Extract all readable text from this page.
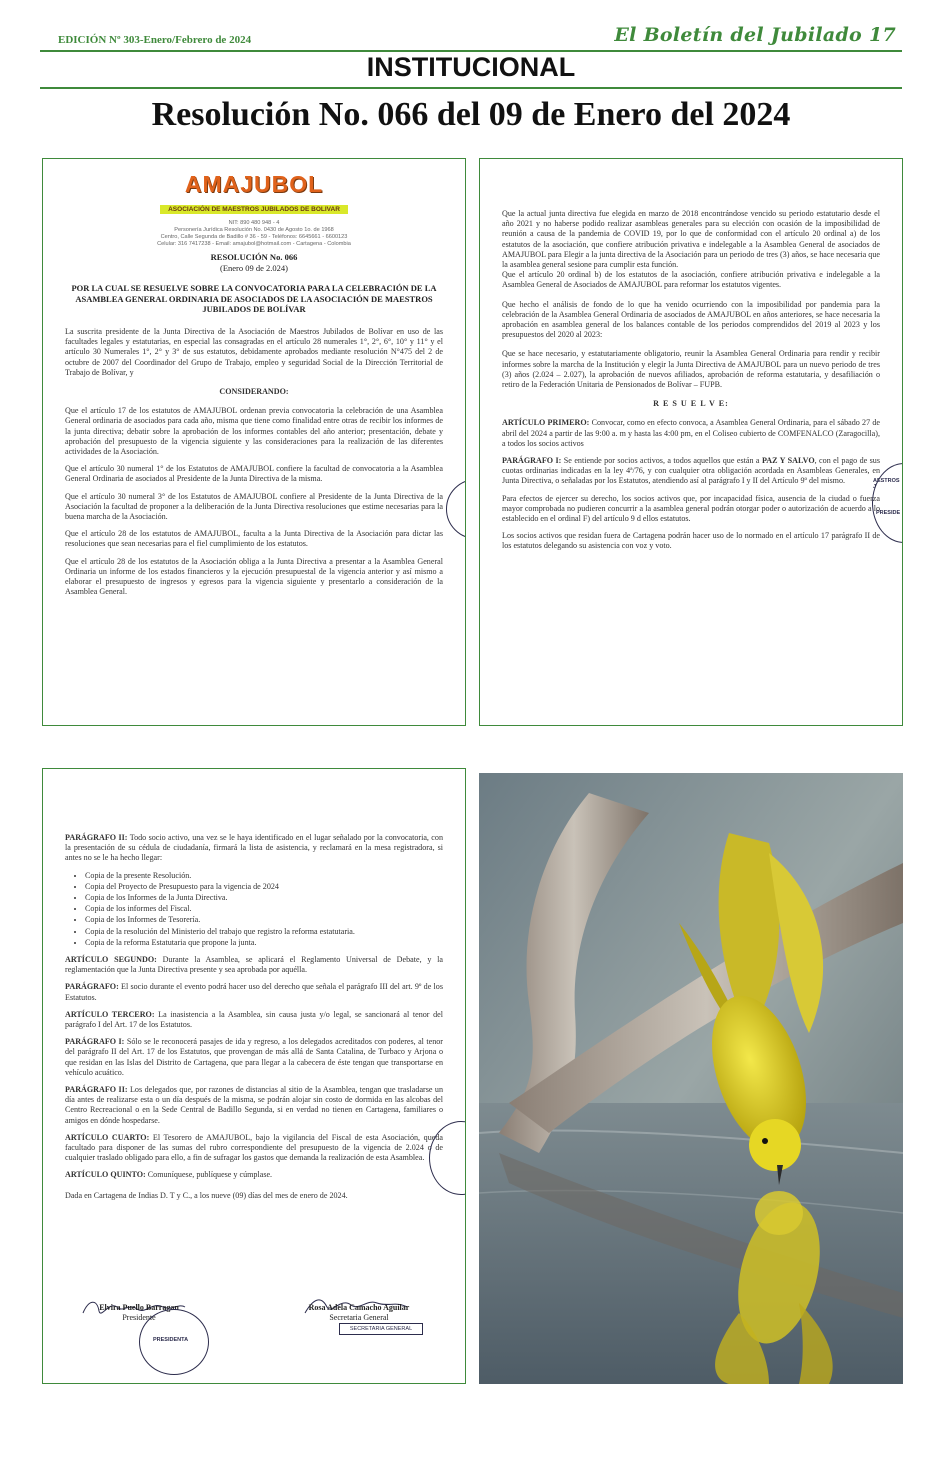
EDICIÓN Nº 303-Enero/Febrero de 2024	El Boletín del Jubilado 17
INSTITUCIONAL
Resolución No. 066 del 09 de Enero del 2024
AMAJUBOL
ASOCIACIÓN DE MAESTROS JUBILADOS DE BOLIVAR
NIT: 890 480 948 - 4
Personería Jurídica Resolución No. 0430 de Agosto 1o. de 1968
Centro, Calle Segunda de Badillo # 36 - 59 - Teléfonos: 6645661 - 6600123
Celular: 316 7417238 - Email: amajubol@hotmail.com - Cartagena - Colombia
RESOLUCIÓN No. 066
(Enero 09 de 2.024)
POR LA CUAL SE RESUELVE SOBRE LA CONVOCATORIA PARA LA CELEBRACIÓN DE LA ASAMBLEA GENERAL ORDINARIA DE ASOCIADOS DE LA ASOCIACIÓN DE MAESTROS JUBILADOS DE BOLÍVAR

La suscrita presidente de la Junta Directiva de la Asociación de Maestros Jubilados de Bolívar en uso de las facultades legales y estatutarias, en especial las consagradas en el artículo 28 numerales 1°, 2°, 6°, 10° y 11° y el artículo 30 Numerales 1°, 2° y 3° de sus estatutos, debidamente aprobados mediante resolución N°475 del 2 de octubre de 2007 del Coordinador del Grupo de Trabajo, empleo y seguridad Social de la Dirección Territorial de Trabajo de Bolívar, y

CONSIDERANDO:

Que el artículo 17 de los estatutos de AMAJUBOL ordenan previa convocatoria la celebración de una Asamblea General ordinaria de asociados para cada año, misma que tiene como finalidad entre otras de recibir los informes de la junta directiva; debatir sobre la aprobación de los informes contables del año anterior; presentación, debate y aprobación del presupuesto de la vigencia siguiente y las consideraciones para la realización de las diferentes actividades de la Asociación.

Que el artículo 30 numeral 1° de los Estatutos de AMAJUBOL confiere la facultad de convocatoria a la Asamblea General Ordinaria de asociados al Presidente de la Junta Directiva de la misma.

Que el artículo 30 numeral 3° de los Estatutos de AMAJUBOL confiere al Presidente de la Junta Directiva de la Asociación la facultad de proponer a la deliberación de la Junta Directiva resoluciones que estime necesarias para la buena marcha de la Asociación.

Que el artículo 28 de los estatutos de AMAJUBOL, faculta a la Junta Directiva de la Asociación para dictar las resoluciones que sean necesarias para el fiel cumplimiento de los estatutos.

Que el artículo 28 de los estatutos de la Asociación obliga a la Junta Directiva a presentar a la Asamblea General Ordinaria un informe de los estados financieros y la ejecución presupuestal de la vigencia anterior y así mismo a elaborar el presupuesto de ingresos y egresos para la vigencia siguiente y presentarlo a consideración de la Asamblea General.

Que la actual junta directiva fue elegida en marzo de 2018 encontrándose vencido su periodo estatutario desde el año 2021 y no haberse podido realizar asambleas generales para su elección con ocasión de la imposibilidad de reunión a causa de la pandemia de COVID 19, por lo que de conformidad con el artículo 20 ordinal a) de los estatutos de la asociación, que confiere atribución privativa e indelegable a la Asamblea General de asociados de AMAJUBOL para Elegir a la junta directiva de la Asociación para un periodo de tres (3) años, se hace necesaria que la asamblea general sesione para cumplir esta función.

Que el artículo 20 ordinal b) de los estatutos de la asociación, confiere atribución privativa e indelegable a la Asamblea General de Asociados de AMAJUBOL para reformar los estatutos vigentes.

Que hecho el análisis de fondo de lo que ha venido ocurriendo con la imposibilidad por pandemia para la celebración de la Asamblea General Ordinaria de asociados de AMAJUBOL en años anteriores, se hace necesaria la aprobación en asamblea general de los balances contable de los periodos comprendidos del 2019 al 2023 y los presupuestos del 2020 al 2023:

Que se hace necesario, y estatutariamente obligatorio, reunir la Asamblea General Ordinaria para rendir y recibir informes sobre la marcha de la Institución y elegir la Junta Directiva de AMAJUBOL para un nuevo periodo de tres (3) años (2.024 – 2.027), la aprobación de nuevos afiliados, aprobación de reforma estatutaria, y desafiliación o retiro de la Federación Unitaria de Pensionados de Bolívar – FUPB.

R E S U E L V E:

ARTÍCULO PRIMERO: Convocar, como en efecto convoca, a Asamblea General Ordinaria, para el sábado 27 de abril del 2024 a partir de las 9:00 a. m y hasta las 4:00 pm, en el Coliseo cubierto de COMFENALCO (Zaragocilla), a todos los socios activos

PARÁGRAFO I: Se entiende por socios activos, a todos aquellos que están a PAZ Y SALVO, con el pago de sus cuotas ordinarias indicadas en la ley 4ª/76, y con cualquier otra obligación acordada en Asambleas Generales, en Junta Directiva, o señaladas por los Estatutos, atendiendo así al parágrafo I y II del Artículo 9º del mismo.

Para efectos de ejercer su derecho, los socios activos que, por incapacidad física, ausencia de la ciudad o fuerza mayor comprobada no pudieren concurrir a la asamblea general podrán otorgar poder o autorización de acuerdo a lo establecido en el ordinal F) del artículo 9 d ellos estatutos.

Los socios activos que residan fuera de Cartagena podrán hacer uso de lo normado en el artículo 17 parágrafo II de los estatutos delegando su asistencia con voz y voto.

AESTROS J
PRESIDE

PARÁGRAFO II: Todo socio activo, una vez se le haya identificado en el lugar señalado por la convocatoria, con la presentación de su cédula de ciudadanía, firmará la lista de asistencia, y reclamará en la mesa registradora, si antes no se le ha hecho llegar:

• Copia de la presente Resolución.
• Copia del Proyecto de Presupuesto para la vigencia de 2024
• Copia de los Informes de la Junta Directiva.
• Copia de los informes del Fiscal.
• Copia de los Informes de Tesorería.
• Copia de la resolución del Ministerio del trabajo que registro la reforma estatutaria.
• Copia de la reforma Estatutaria que propone la junta.

ARTÍCULO SEGUNDO: Durante la Asamblea, se aplicará el Reglamento Universal de Debate, y la reglamentación que la Junta Directiva presente y sea aprobada por aquélla.

PARÁGRAFO: El socio durante el evento podrá hacer uso del derecho que señala el parágrafo III del art. 9º de los Estatutos.

ARTÍCULO TERCERO: La inasistencia a la Asamblea, sin causa justa y/o legal, se sancionará al tenor del parágrafo I del Art. 17 de los Estatutos.

PARÁGRAFO I: Sólo se le reconocerá pasajes de ida y regreso, a los delegados acreditados con poderes, al tenor del parágrafo II del Art. 17 de los Estatutos, que provengan de más allá de Santa Catalina, de Turbaco y Arjona o que residan en las Islas del Distrito de Cartagena, que para llegar a la cabecera de éste tengan que transportarse en vehículo acuático.

PARÁGRAFO II: Los delegados que, por razones de distancias al sitio de la Asamblea, tengan que trasladarse un día antes de realizarse esta o un día después de la misma, se podrán alojar sin costo de dormida en las alcobas del Centro Recreacional o en la Sede Central de Badillo Segunda, si en verdad no tienen en Cartagena, familiares o amigos en dónde hospedarse.

ARTÍCULO CUARTO: El Tesorero de AMAJUBOL, bajo la vigilancia del Fiscal de esta Asociación, queda facultado para disponer de las sumas del rubro correspondiente del presupuesto de la vigencia de 2.024 o de cualquier traslado obligado para ello, a fin de sufragar los gastos que demanda la realización de esta Asamblea.

ARTÍCULO QUINTO: Comuníquese, publíquese y cúmplase.

Dada en Cartagena de Indias D. T y C., a los nueve (09) días del mes de enero de 2024.

Elvira Puello Barragan
Presidente
Rosa Adela Camacho Aguilar
Secretaria General
PRESIDENTA
SECRETARIA GENERAL
